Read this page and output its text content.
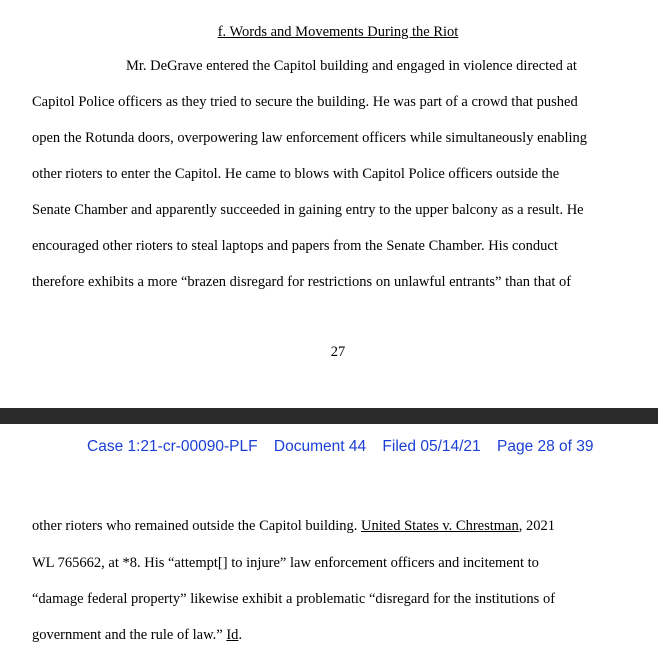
f. Words and Movements During the Riot
Mr. DeGrave entered the Capitol building and engaged in violence directed at
Capitol Police officers as they tried to secure the building. He was part of a crowd that pushed
open the Rotunda doors, overpowering law enforcement officers while simultaneously enabling
other rioters to enter the Capitol. He came to blows with Capitol Police officers outside the
Senate Chamber and apparently succeeded in gaining entry to the upper balcony as a result. He
encouraged other rioters to steal laptops and papers from the Senate Chamber. His conduct
therefore exhibits a more “brazen disregard for restrictions on unlawful entrants” than that of
27
Case 1:21-cr-00090-PLF Document 44 Filed 05/14/21 Page 28 of 39
other rioters who remained outside the Capitol building. United States v. Chrestman, 2021
WL 765662, at *8. His “attempt[] to injure” law enforcement officers and incitement to
“damage federal property” likewise exhibit a problematic “disregard for the institutions of
government and the rule of law.” Id.
